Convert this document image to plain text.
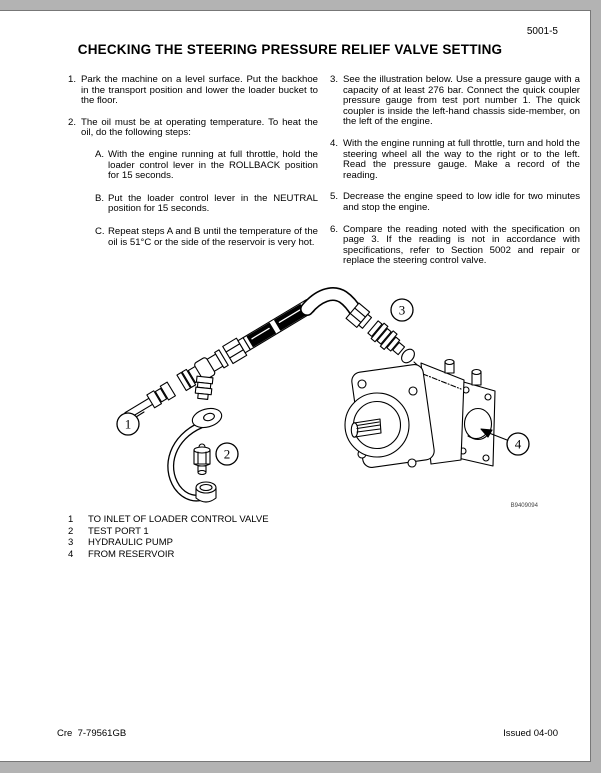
5001-5
CHECKING THE STEERING PRESSURE RELIEF VALVE SETTING
1. Park the machine on a level surface. Put the backhoe in the transport position and lower the loader bucket to the floor.
2. The oil must be at operating temperature. To heat the oil, do the following steps:
A. With the engine running at full throttle, hold the loader control lever in the ROLLBACK position for 15 seconds.
B. Put the loader control lever in the NEUTRAL position for 15 seconds.
C. Repeat steps A and B until the temperature of the oil is 51°C or the side of the reservoir is very hot.
3. See the illustration below. Use a pressure gauge with a capacity of at least 276 bar. Connect the quick coupler pressure gauge from test port number 1. The quick coupler is inside the left-hand chassis side-member, on the left of the engine.
4. With the engine running at full throttle, turn and hold the steering wheel all the way to the right or to the left. Read the pressure gauge. Make a record of the reading.
5. Decrease the engine speed to low idle for two minutes and stop the engine.
6. Compare the reading noted with the specification on page 3. If the reading is not in accordance with specifications, refer to Section 5002 and repair or replace the steering control valve.
1
2
3
4
B9409094
1	TO INLET OF LOADER CONTROL VALVE
2	TEST PORT 1
3	HYDRAULIC PUMP
4	FROM RESERVOIR
Cre  7-79561GB	Issued 04-00
